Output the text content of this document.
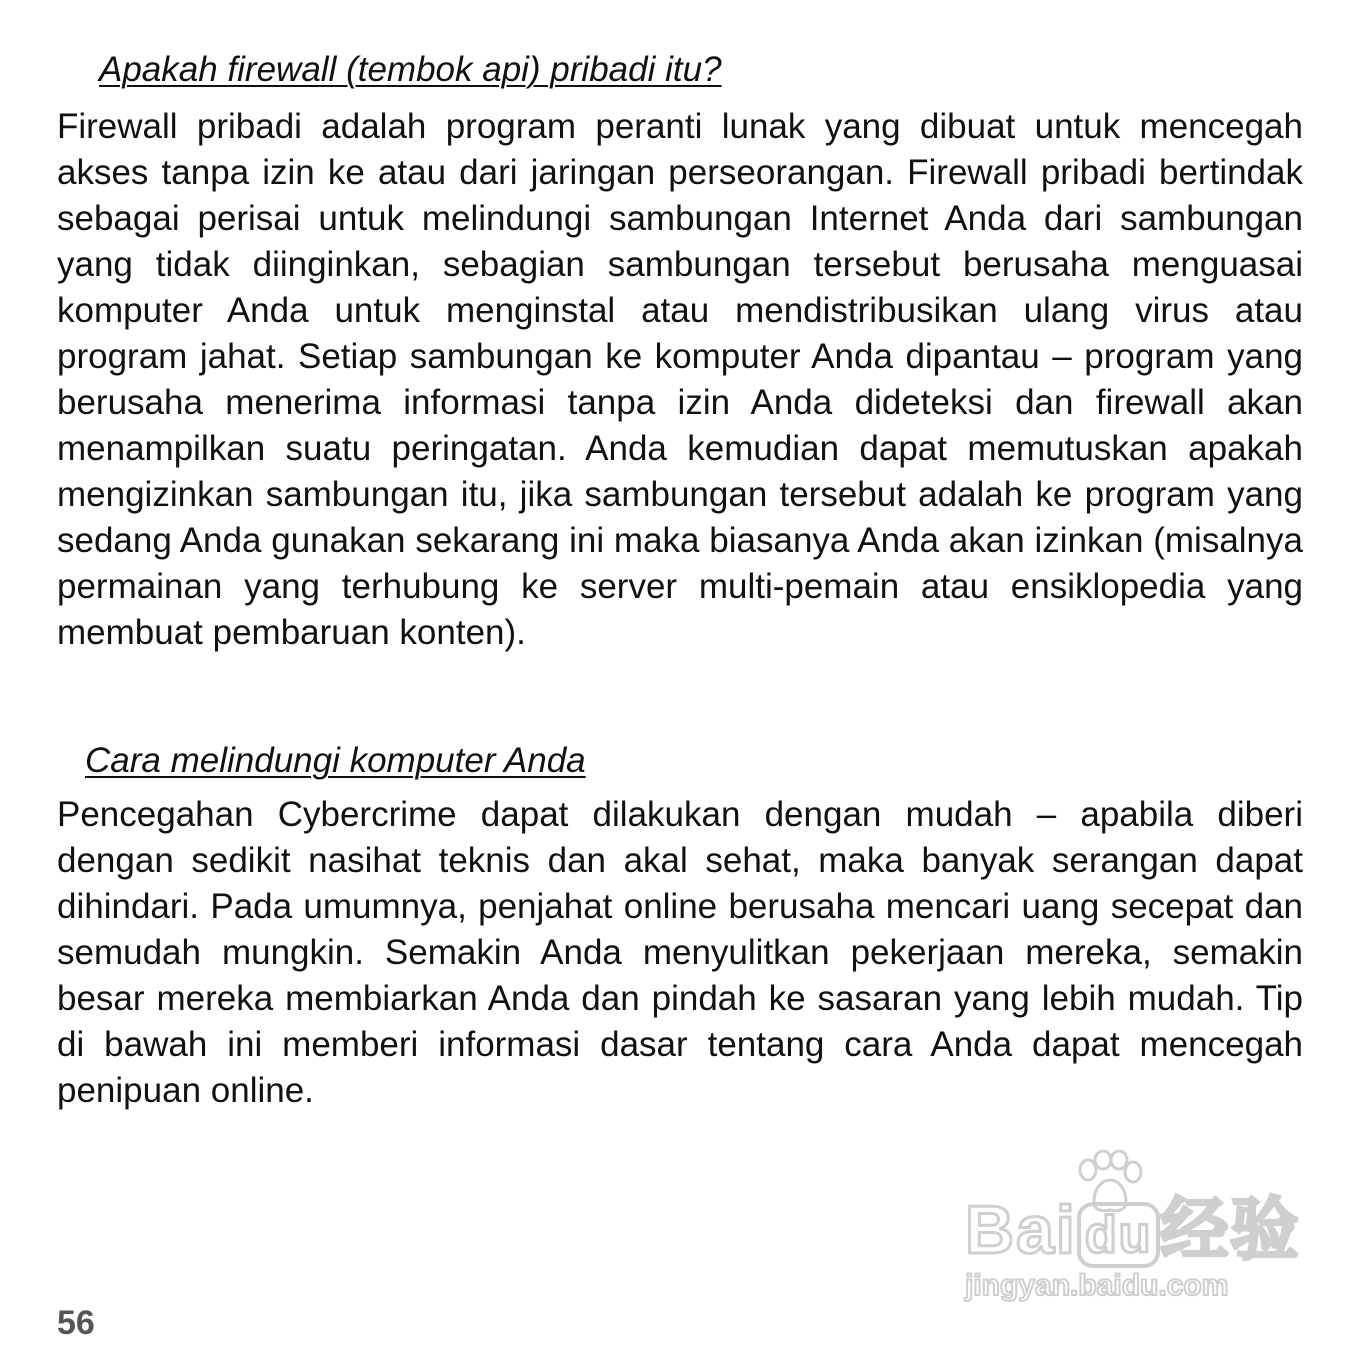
Apakah firewall (tembok api) pribadi itu?

Firewall pribadi adalah program peranti lunak yang dibuat untuk mencegah akses tanpa izin ke atau dari jaringan perseorangan. Firewall pribadi bertindak sebagai perisai untuk melindungi sambungan Internet Anda dari sambungan yang tidak diinginkan, sebagian sambungan tersebut berusaha menguasai komputer Anda untuk menginstal atau mendistribusikan ulang virus atau program jahat. Setiap sambungan ke komputer Anda dipantau – program yang berusaha menerima informasi tanpa izin Anda dideteksi dan firewall akan menampilkan suatu peringatan. Anda kemudian dapat memutuskan apakah mengizinkan sambungan itu, jika sambungan tersebut adalah ke program yang sedang Anda gunakan sekarang ini maka biasanya Anda akan izinkan (misalnya permainan yang terhubung ke server multi-pemain atau ensiklopedia yang membuat pembaruan konten).

Cara melindungi komputer Anda

Pencegahan Cybercrime dapat dilakukan dengan mudah – apabila diberi dengan sedikit nasihat teknis dan akal sehat, maka banyak serangan dapat dihindari. Pada umumnya, penjahat online berusaha mencari uang secepat dan semudah mungkin. Semakin Anda menyulitkan pekerjaan mereka, semakin besar mereka membiarkan Anda dan pindah ke sasaran yang lebih mudah. Tip di bawah ini memberi informasi dasar tentang cara Anda dapat mencegah penipuan online.

56
Bai du 经验
jingyan.baidu.com
